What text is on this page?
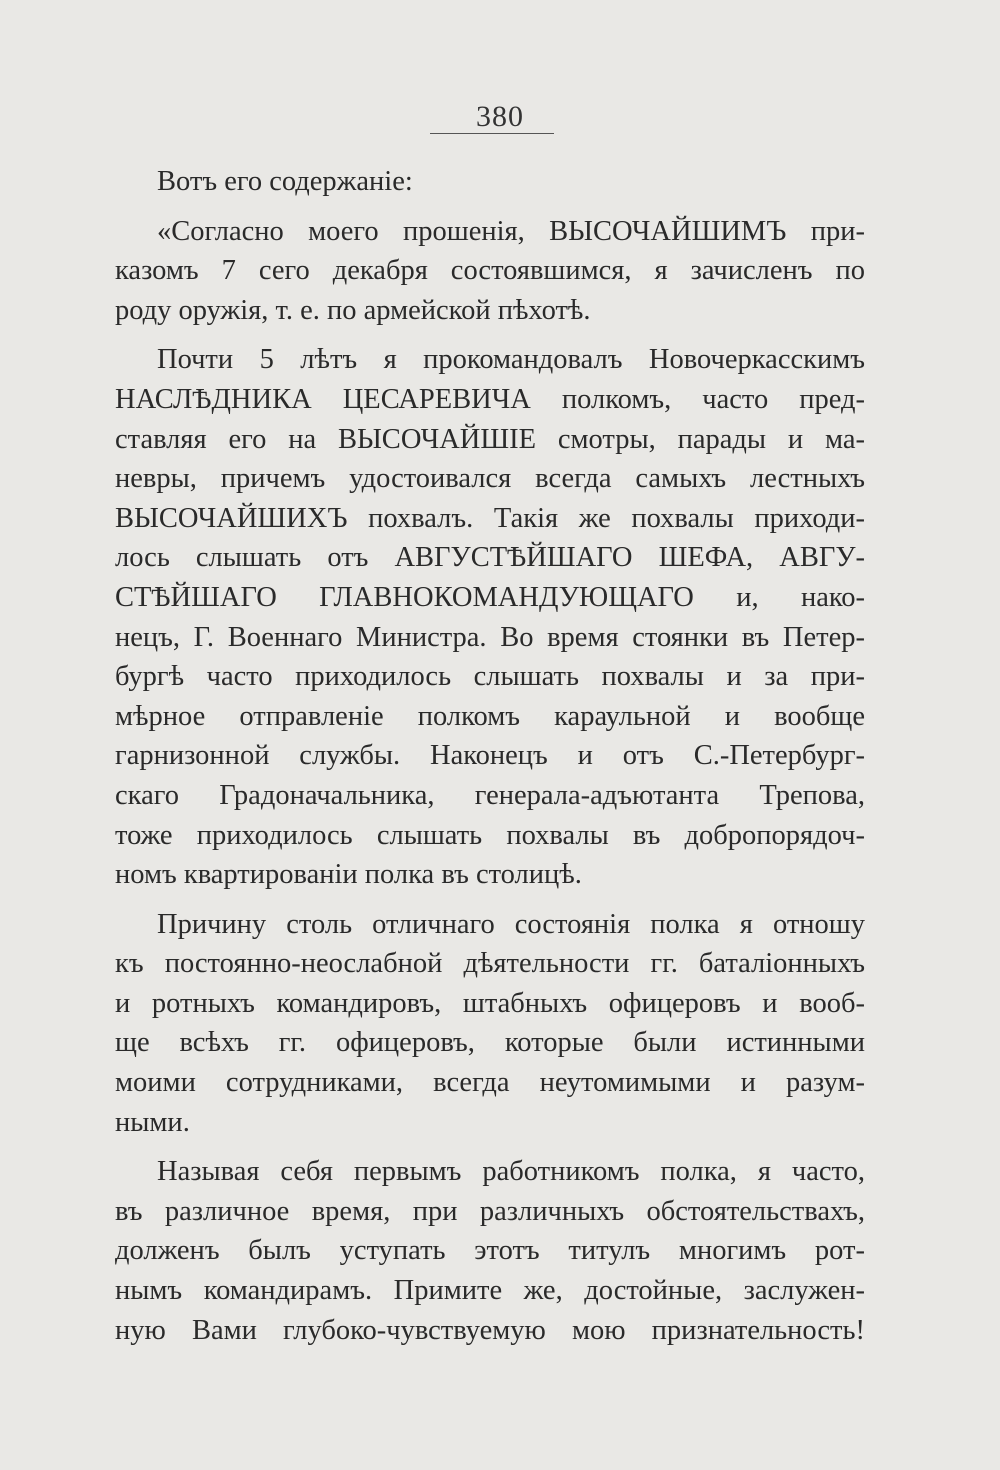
380
Вотъ его содержаніе:
«Согласно моего прошенія, ВЫСОЧАЙШИМЪ при-
казомъ 7 сего декабря состоявшимся, я зачисленъ по
роду оружія, т. е. по армейской пѣхотѣ.
Почти 5 лѣтъ я прокомандовалъ Новочеркасскимъ
НАСЛѢДНИКА ЦЕСАРЕВИЧА полкомъ, часто пред-
ставляя его на ВЫСОЧАЙШІЕ смотры, парады и ма-
невры, причемъ удостоивался всегда самыхъ лестныхъ
ВЫСОЧАЙШИХЪ похвалъ. Такія же похвалы приходи-
лось слышать отъ АВГУСТѢЙШАГО ШЕФА, АВГУ-
СТѢЙШАГО ГЛАВНОКОМАНДУЮЩАГО и, нако-
нецъ, Г. Военнаго Министра. Во время стоянки въ Петер-
бургѣ часто приходилось слышать похвалы и за при-
мѣрное отправленіе полкомъ караульной и вообще
гарнизонной службы. Наконецъ и отъ С.-Петербург-
скаго Градоначальника, генерала-адъютанта Трепова,
тоже приходилось слышать похвалы въ добропорядоч-
номъ квартированіи полка въ столицѣ.
Причину столь отличнаго состоянія полка я отношу
къ постоянно-неослабной дѣятельности гг. баталіонныхъ
и ротныхъ командировъ, штабныхъ офицеровъ и вооб-
ще всѣхъ гг. офицеровъ, которые были истинными
моими сотрудниками, всегда неутомимыми и разум-
ными.
Называя себя первымъ работникомъ полка, я часто,
въ различное время, при различныхъ обстоятельствахъ,
долженъ былъ уступать этотъ титулъ многимъ рот-
нымъ командирамъ. Примите же, достойные, заслужен-
ную Вами глубоко-чувствуемую мою признательность!
